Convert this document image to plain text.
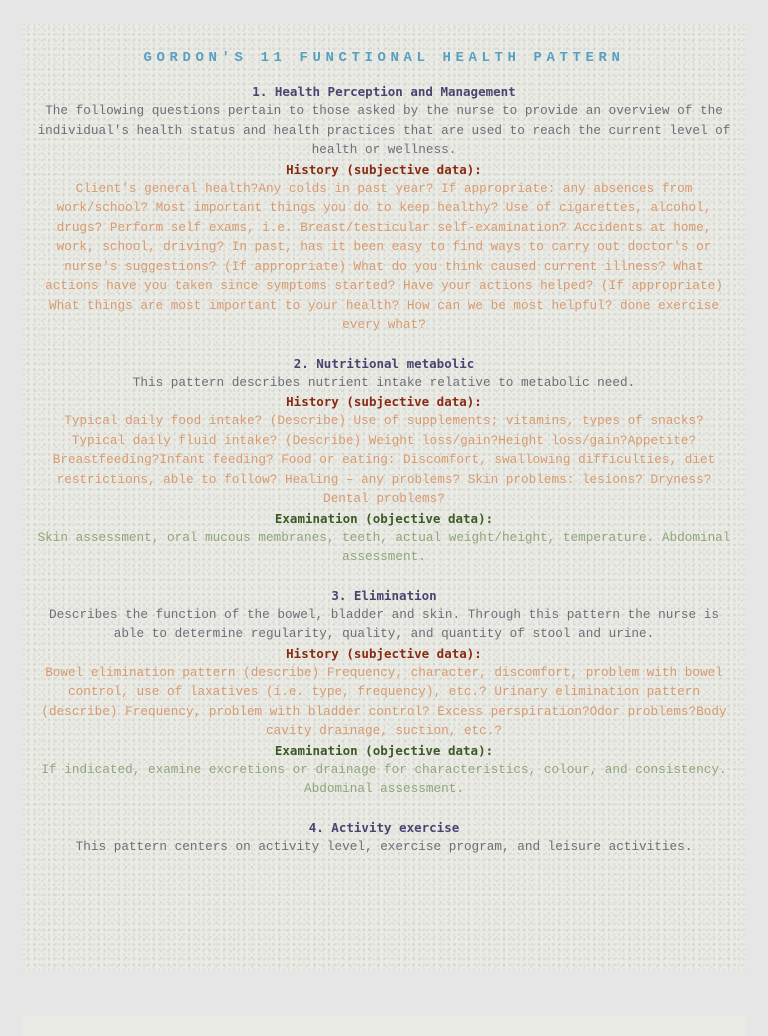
GORDON'S 11 FUNCTIONAL HEALTH PATTERN
1. Health Perception and Management
The following questions pertain to those asked by the nurse to provide an overview of the individual's health status and health practices that are used to reach the current level of health or wellness.
History (subjective data):
Client's general health?Any colds in past year? If appropriate: any absences from work/school? Most important things you do to keep healthy? Use of cigarettes, alcohol, drugs? Perform self exams, i.e. Breast/testicular self-examination? Accidents at home, work, school, driving? In past, has it been easy to find ways to carry out doctor's or nurse's suggestions? (If appropriate) What do you think caused current illness? What actions have you taken since symptoms started? Have your actions helped? (If appropriate) What things are most important to your health? How can we be most helpful? done exercise every what?
2. Nutritional metabolic
This pattern describes nutrient intake relative to metabolic need.
History (subjective data):
Typical daily food intake? (Describe) Use of supplements; vitamins, types of snacks? Typical daily fluid intake? (Describe) Weight loss/gain?Height loss/gain?Appetite?Breastfeeding?Infant feeding? Food or eating: Discomfort, swallowing difficulties, diet restrictions, able to follow? Healing – any problems? Skin problems: lesions? Dryness?Dental problems?
Examination (objective data):
Skin assessment, oral mucous membranes, teeth, actual weight/height, temperature. Abdominal assessment.
3. Elimination
Describes the function of the bowel, bladder and skin. Through this pattern the nurse is able to determine regularity, quality, and quantity of stool and urine.
History (subjective data):
Bowel elimination pattern (describe) Frequency, character, discomfort, problem with bowel control, use of laxatives (i.e. type, frequency), etc.? Urinary elimination pattern (describe) Frequency, problem with bladder control? Excess perspiration?Odor problems?Body cavity drainage, suction, etc.?
Examination (objective data):
If indicated, examine excretions or drainage for characteristics, colour, and consistency. Abdominal assessment.
4. Activity exercise
This pattern centers on activity level, exercise program, and leisure activities.
